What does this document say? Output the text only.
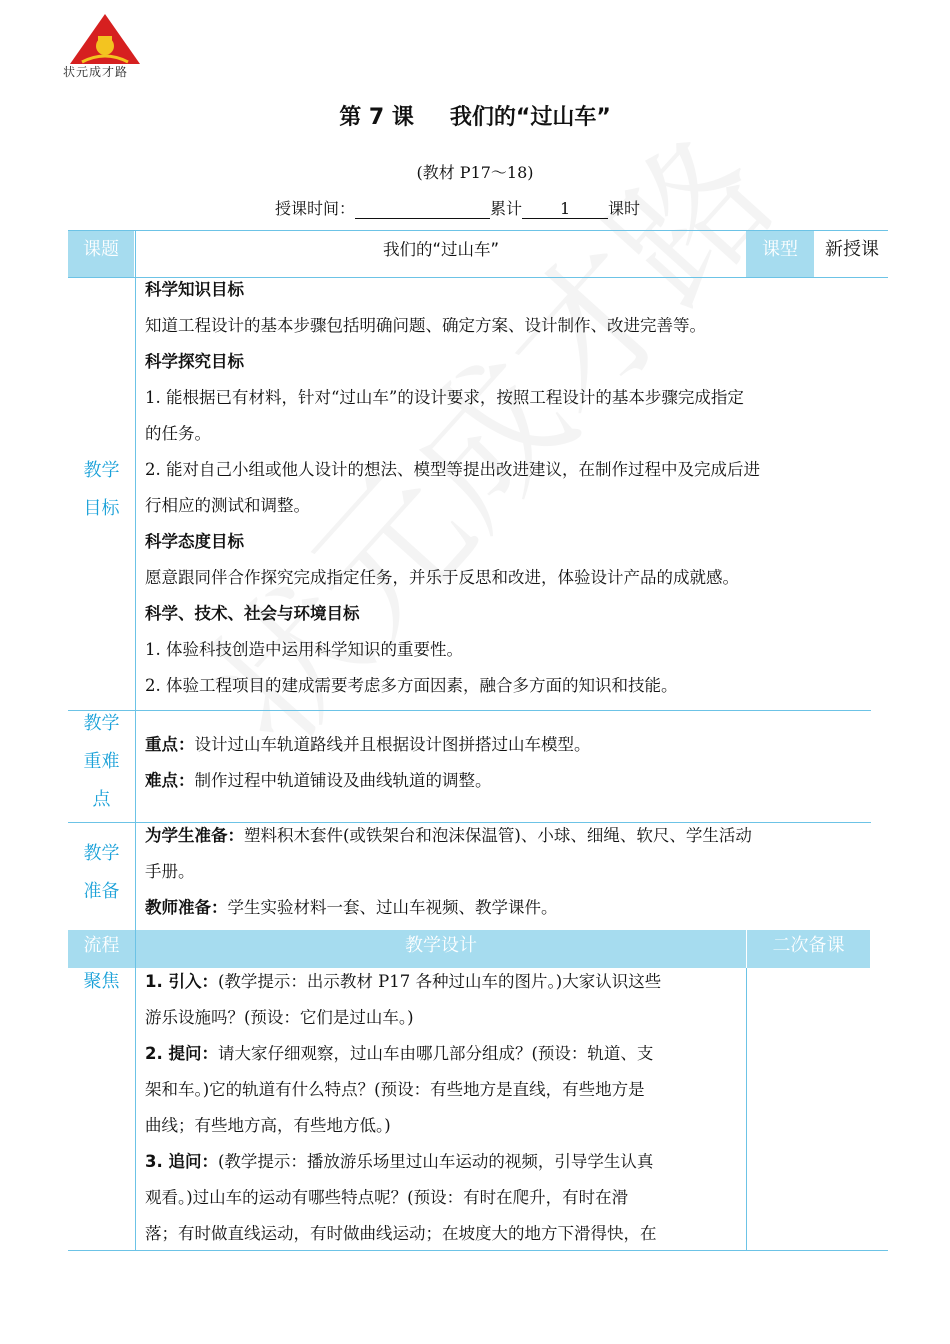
状元成才路
第 7 课 我们的“过山车”
(教材 P17～18)
授课时间：	累计 1 课时
课题	我们的“过山车”	课型	新授课
教学
目标

科学知识目标

知道工程设计的基本步骤包括明确问题、确定方案、设计制作、改进完善等。

科学探究目标

1. 能根据已有材料，针对“过山车”的设计要求，按照工程设计的基本步骤完成指定

的任务。

2. 能对自己小组或他人设计的想法、模型等提出改进建议，在制作过程中及完成后进

行相应的测试和调整。

科学态度目标

愿意跟同伴合作探究完成指定任务，并乐于反思和改进，体验设计产品的成就感。

科学、技术、社会与环境目标

1. 体验科技创造中运用科学知识的重要性。

2. 体验工程项目的建成需要考虑多方面因素，融合多方面的知识和技能。

教学
重难
点

重点：设计过山车轨道路线并且根据设计图拼搭过山车模型。

难点：制作过程中轨道铺设及曲线轨道的调整。

教学
准备

为学生准备：塑料积木套件(或铁架台和泡沫保温管)、小球、细绳、软尺、学生活动

手册。

教师准备：学生实验材料一套、过山车视频、教学课件。

流程	教学设计	二次备课
聚焦	1. 引入：(教学提示：出示教材 P17 各种过山车的图片。)大家认识这些

游乐设施吗？(预设：它们是过山车。)

2. 提问：请大家仔细观察，过山车由哪几部分组成？(预设：轨道、支

架和车。)它的轨道有什么特点？(预设：有些地方是直线，有些地方是

曲线；有些地方高，有些地方低。)

3. 追问：(教学提示：播放游乐场里过山车运动的视频，引导学生认真

观看。)过山车的运动有哪些特点呢？(预设：有时在爬升，有时在滑

落；有时做直线运动，有时做曲线运动；在坡度大的地方下滑得快，在
